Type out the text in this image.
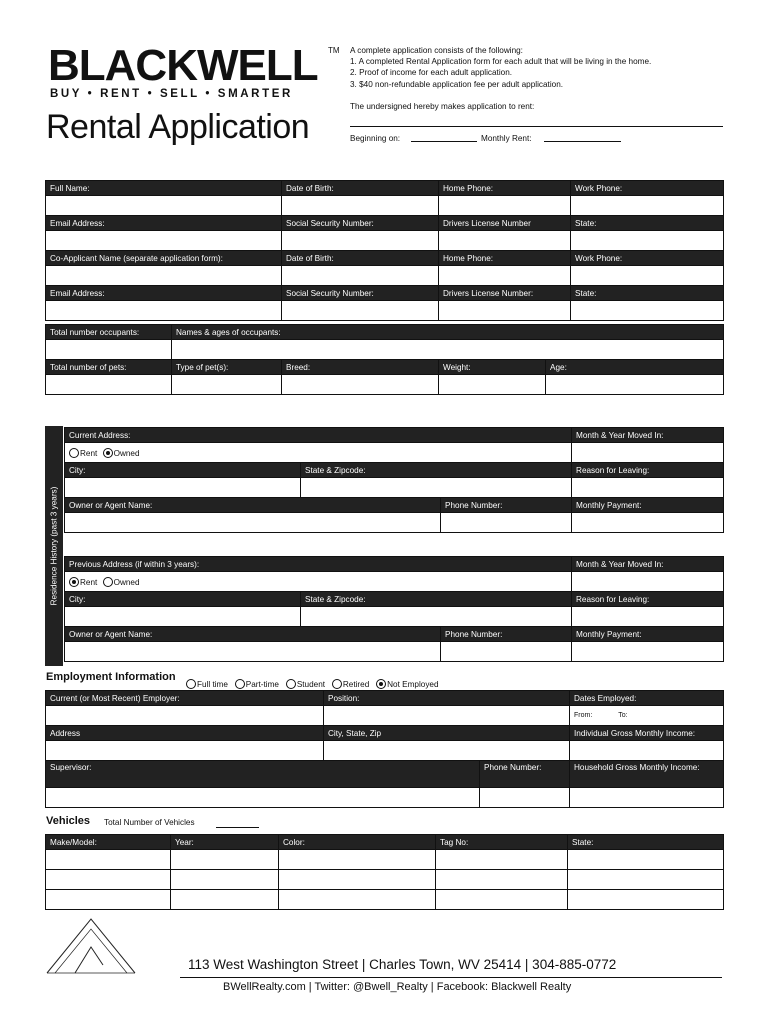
BLACKWELL TM
BUY • RENT • SELL • SMARTER
Rental Application
A complete application consists of the following:
1. A completed Rental Application form for each adult that will be living in the home.
2. Proof of income for each adult application.
3. $40 non-refundable application fee per adult application.
The undersigned hereby makes application to rent:
Beginning on:	Monthly Rent:
Full Name:	Date of Birth:	Home Phone:	Work Phone:

Email Address:	Social Security Number:	Drivers License Number	State:

Co-Applicant Name (separate application form):	Date of Birth:	Home Phone:	Work Phone:

Email Address:	Social Security Number:	Drivers License Number:	State:

Total number occupants:	Names & ages of occupants:			

Total number of pets:	Type of pet(s):	Breed:	Weight:	Age:

Residence History (past 3 years)
Current Address:			Month & Year Moved In:
Rent Owned			
City:	State & Zipcode:		Reason for Leaving:

Owner or Agent Name:		Phone Number:	Monthly Payment:

Previous Address (if within 3 years):			Month & Year Moved In:
Rent Owned			
City:	State & Zipcode:		Reason for Leaving:

Owner or Agent Name:		Phone Number:	Monthly Payment:

Employment Information
Full time Part-time Student Retired Not Employed
Current (or Most Recent) Employer:	Position:		Dates Employed:
			From: To:
Address	City, State, Zip		Individual Gross Monthly Income:

Supervisor:		Phone Number:	Household Gross Monthly Income:

Vehicles Total Number of Vehicles
Make/Model:	Year:	Color:	Tag No:	State:

113 West Washington Street | Charles Town, WV 25414 | 304-885-0772
BWellRealty.com | Twitter: @Bwell_Realty | Facebook: Blackwell Realty
